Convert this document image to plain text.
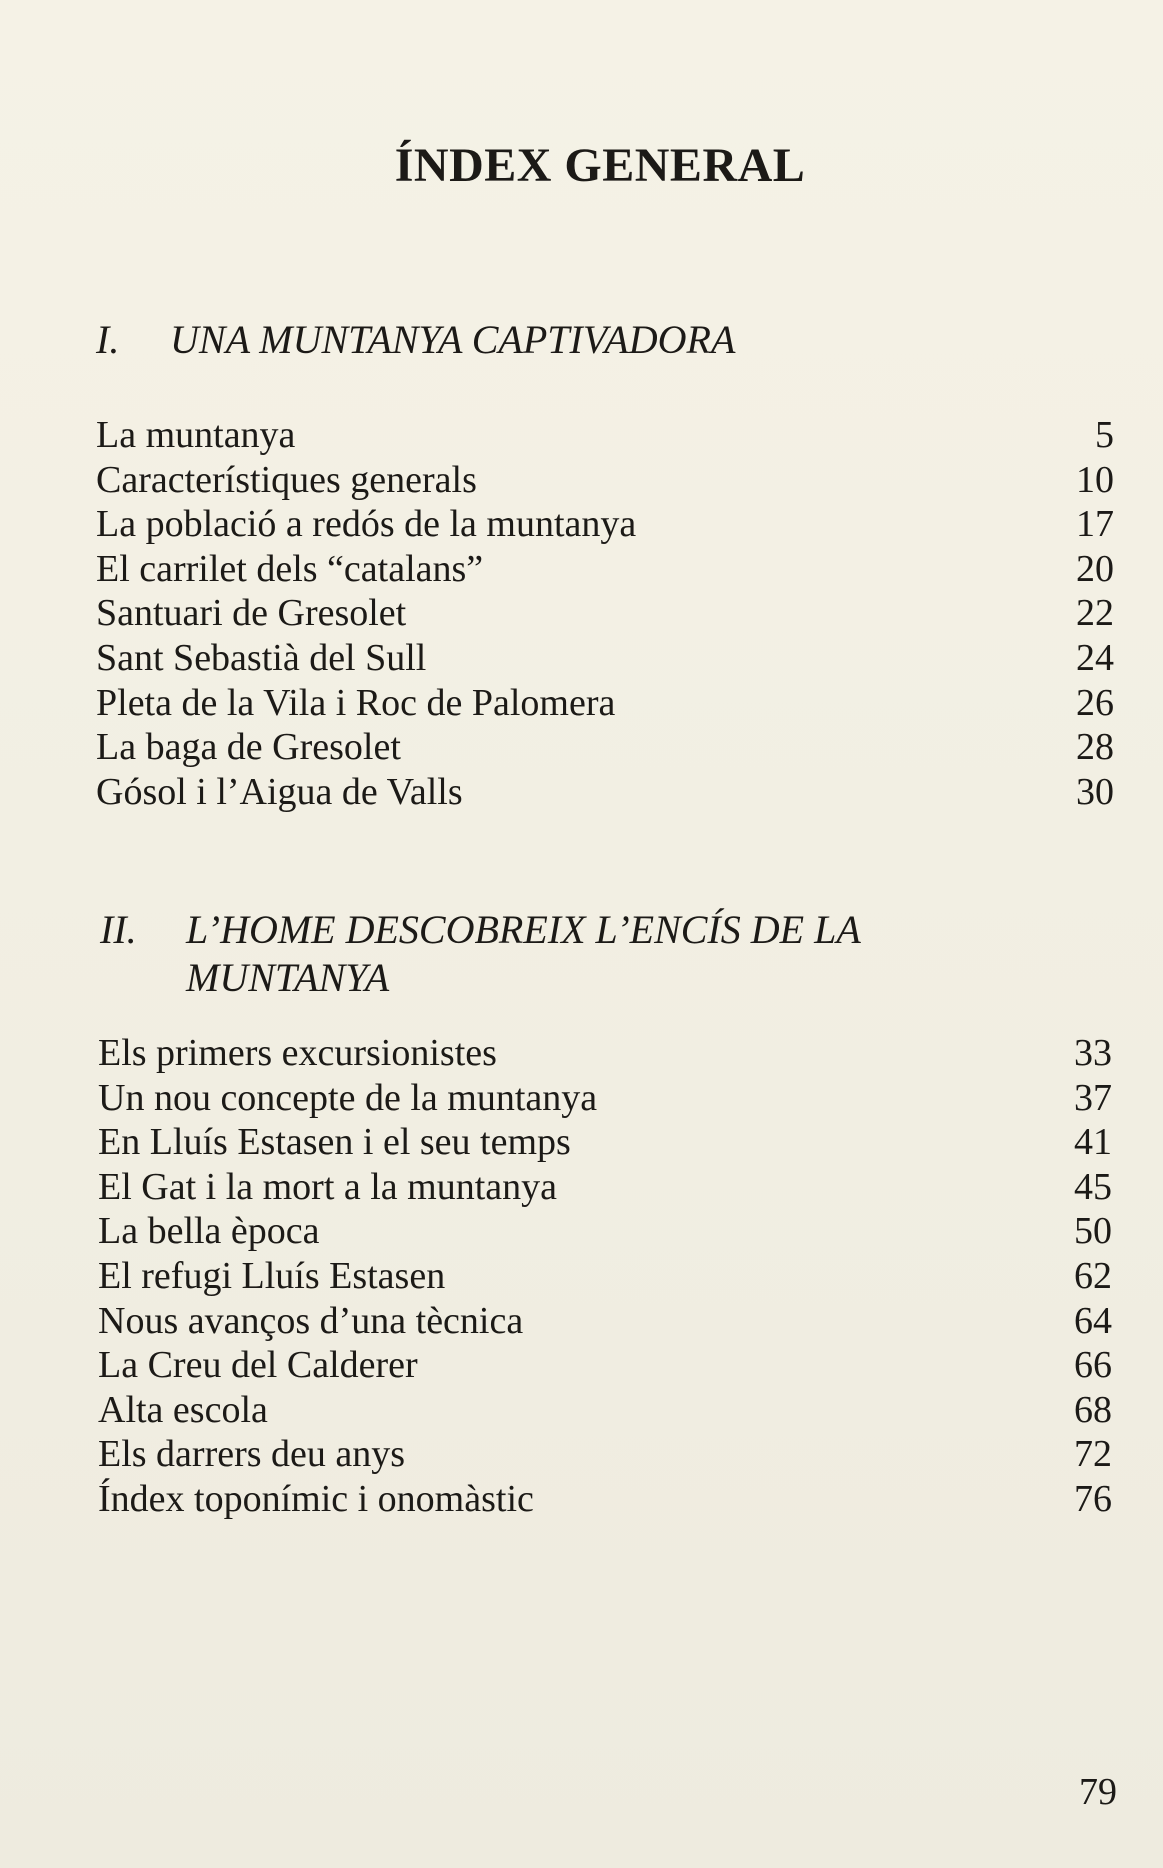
ÍNDEX GENERAL
I. UNA MUNTANYA CAPTIVADORA
La muntanya	5
Característiques generals	10
La població a redós de la muntanya	17
El carrilet dels “catalans”	20
Santuari de Gresolet	22
Sant Sebastià del Sull	24
Pleta de la Vila i Roc de Palomera	26
La baga de Gresolet	28
Gósol i l’Aigua de Valls	30
II. L’HOME DESCOBREIX L’ENCÍS DE LA
MUNTANYA
Els primers excursionistes	33
Un nou concepte de la muntanya	37
En Lluís Estasen i el seu temps	41
El Gat i la mort a la muntanya	45
La bella època	50
El refugi Lluís Estasen	62
Nous avanços d’una tècnica	64
La Creu del Calderer	66
Alta escola	68
Els darrers deu anys	72
Índex toponímic i onomàstic	76
79
